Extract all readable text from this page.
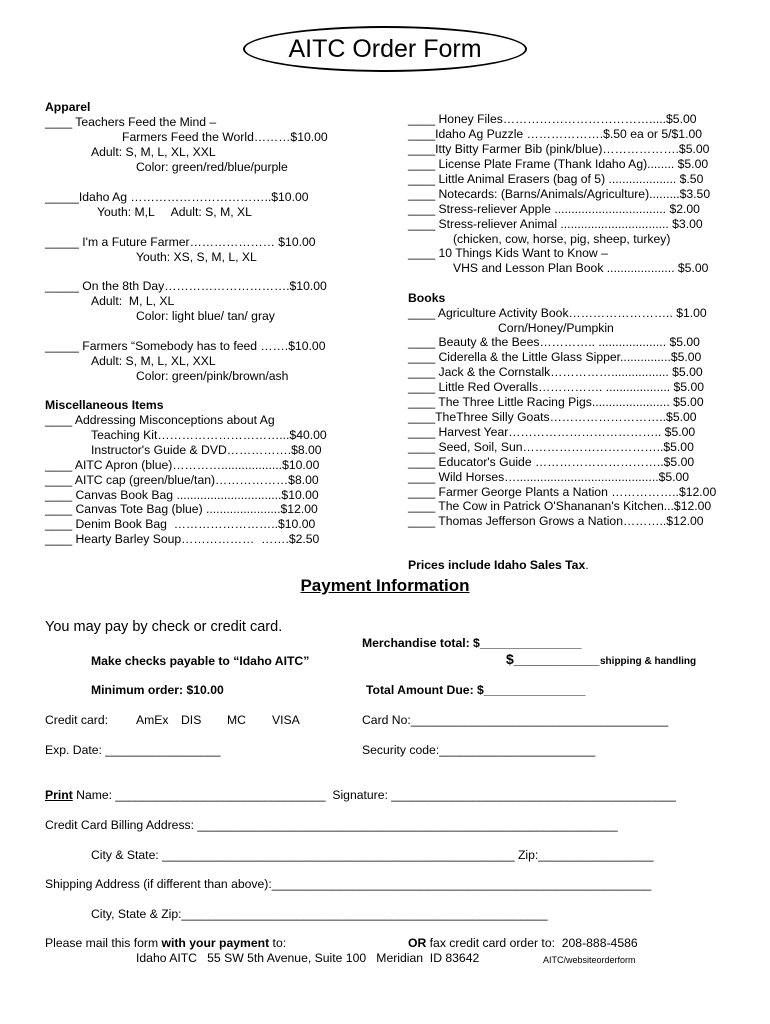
AITC Order Form
Apparel
____ Teachers Feed the Mind –
Farmers Feed the World………$10.00
Adult: S, M, L, XL, XXL
Color: green/red/blue/purple
_____Idaho Ag ……………………………..$10.00
Youth: M,L     Adult: S, M, XL
_____ I'm a Future Farmer………………… $10.00
Youth: XS, S, M, L, XL
_____ On the 8th Day………………………….$10.00
Adult:  M, L, XL
Color: light blue/ tan/ gray
_____ Farmers “Somebody has to feed …….$10.00
Adult: S, M, L, XL, XXL
Color: green/pink/brown/ash
Miscellaneous Items
____ Addressing Misconceptions about Ag
Teaching Kit…………………………...$40.00
Instructor's Guide & DVD…………….$8.00
____ AITC Apron (blue)…………..................$10.00
____ AITC cap (green/blue/tan)………………$8.00
____ Canvas Book Bag ...............................$10.00
____ Canvas Tote Bag (blue) ......................$12.00
____ Denim Book Bag  ……………………..$10.00
____ Hearty Barley Soup………………  …….$2.50
____ Honey Files……………………………….....$5.00
____Idaho Ag Puzzle ……………….$.50 ea or 5/$1.00
____Itty Bitty Farmer Bib (pink/blue)……………….$5.00
____ License Plate Frame (Thank Idaho Ag)........ $5.00
____ Little Animal Erasers (bag of 5) .................... $.50
____ Notecards: (Barns/Animals/Agriculture).........$3.50
____ Stress-reliever Apple ................................. $2.00
____ Stress-reliever Animal ................................ $3.00
(chicken, cow, horse, pig, sheep, turkey)
____ 10 Things Kids Want to Know –
VHS and Lesson Plan Book .................... $5.00
Books
____ Agriculture Activity Book…………………….. $1.00
Corn/Honey/Pumpkin
____ Beauty & the Bees………….. .................... $5.00
____ Ciderella & the Little Glass Sipper...............$5.00
____ Jack & the Cornstalk……………................. $5.00
____ Little Red Overalls……………. ................... $5.00
____ The Three Little Racing Pigs....................... $5.00
____TheThree Silly Goats………………………..$5.00
____ Harvest Year……………………………….. $5.00
____ Seed, Soil, Sun……………………………..$5.00
____ Educator's Guide …………………………..$5.00
____ Wild Horses…..........................................$5.00
____ Farmer George Plants a Nation ……………..$12.00
____ The Cow in Patrick O'Shananan's Kitchen...$12.00
____ Thomas Jefferson Grows a Nation………..$12.00
Prices include Idaho Sales Tax.
Payment Information
You may pay by check or credit card.
Merchandise total: $_______________
Make checks payable to “Idaho AITC”	$___________ shipping & handling
Minimum order: $10.00	Total Amount Due: $_______________
Credit card: AmEx DIS MC VISA	Card No:______________________________________
Exp. Date: _________________	Security code:_______________________
Print Name: _______________________________  Signature: __________________________________________
Credit Card Billing Address: ______________________________________________________________
City & State: ____________________________________________________ Zip:_________________
Shipping Address (if different than above):________________________________________________________
City, State & Zip:______________________________________________________
Please mail this form with your payment to:	OR fax credit card order to:  208-888-4586
Idaho AITC   55 SW 5th Avenue, Suite 100   Meridian  ID 83642	AITC/websiteorderform
